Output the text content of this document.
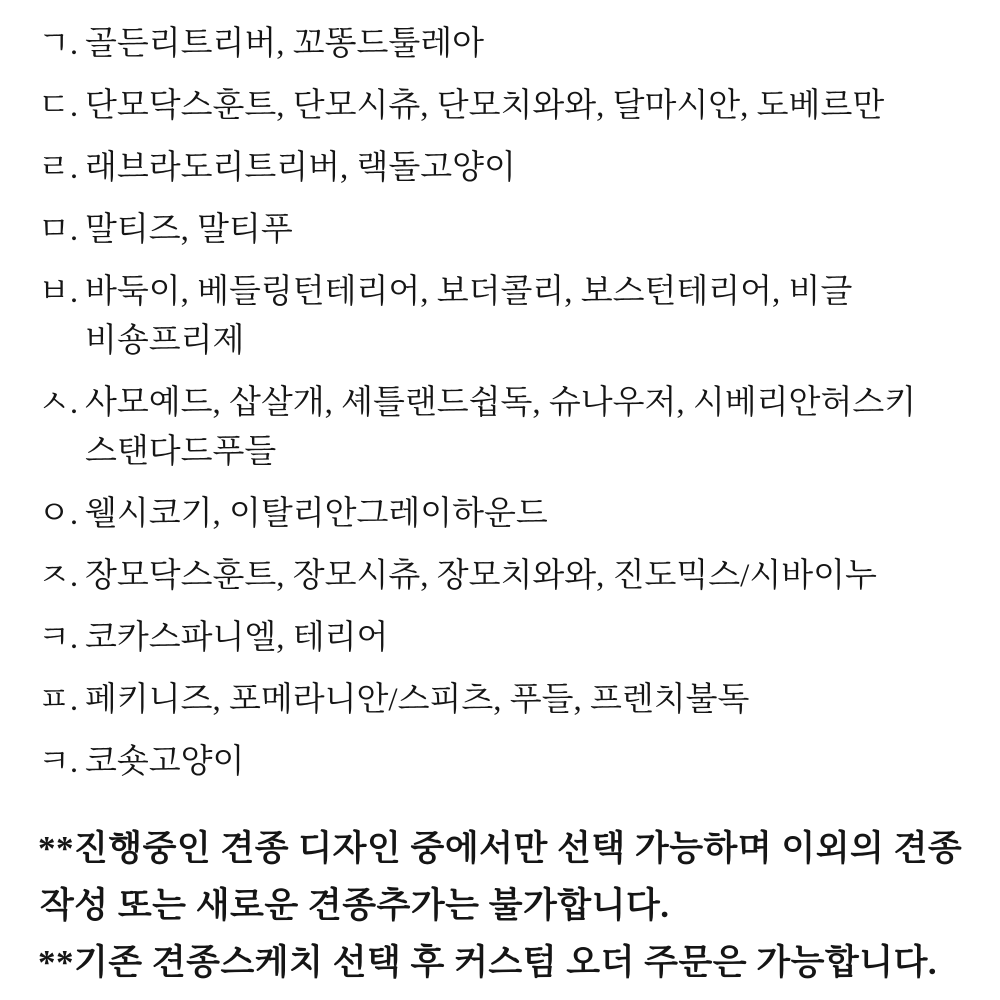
ㄱ. 골든리트리버, 꼬똥드툴레아
ㄷ. 단모닥스훈트, 단모시츄, 단모치와와, 달마시안, 도베르만
ㄹ. 래브라도리트리버, 랙돌고양이
ㅁ. 말티즈, 말티푸
ㅂ. 바둑이, 베들링턴테리어, 보더콜리, 보스턴테리어, 비글
비숑프리제
ㅅ. 사모예드, 삽살개, 셰틀랜드쉽독, 슈나우저, 시베리안허스키
스탠다드푸들
ㅇ. 웰시코기, 이탈리안그레이하운드
ㅈ. 장모닥스훈트, 장모시츄, 장모치와와, 진도믹스/시바이누
ㅋ. 코카스파니엘, 테리어
ㅍ. 페키니즈, 포메라니안/스피츠, 푸들, 프렌치불독
ㅋ. 코숏고양이
**진행중인 견종 디자인 중에서만 선택 가능하며 이외의 견종
작성 또는 새로운 견종추가는 불가합니다.
**기존 견종스케치 선택 후 커스텀 오더 주문은 가능합니다.
